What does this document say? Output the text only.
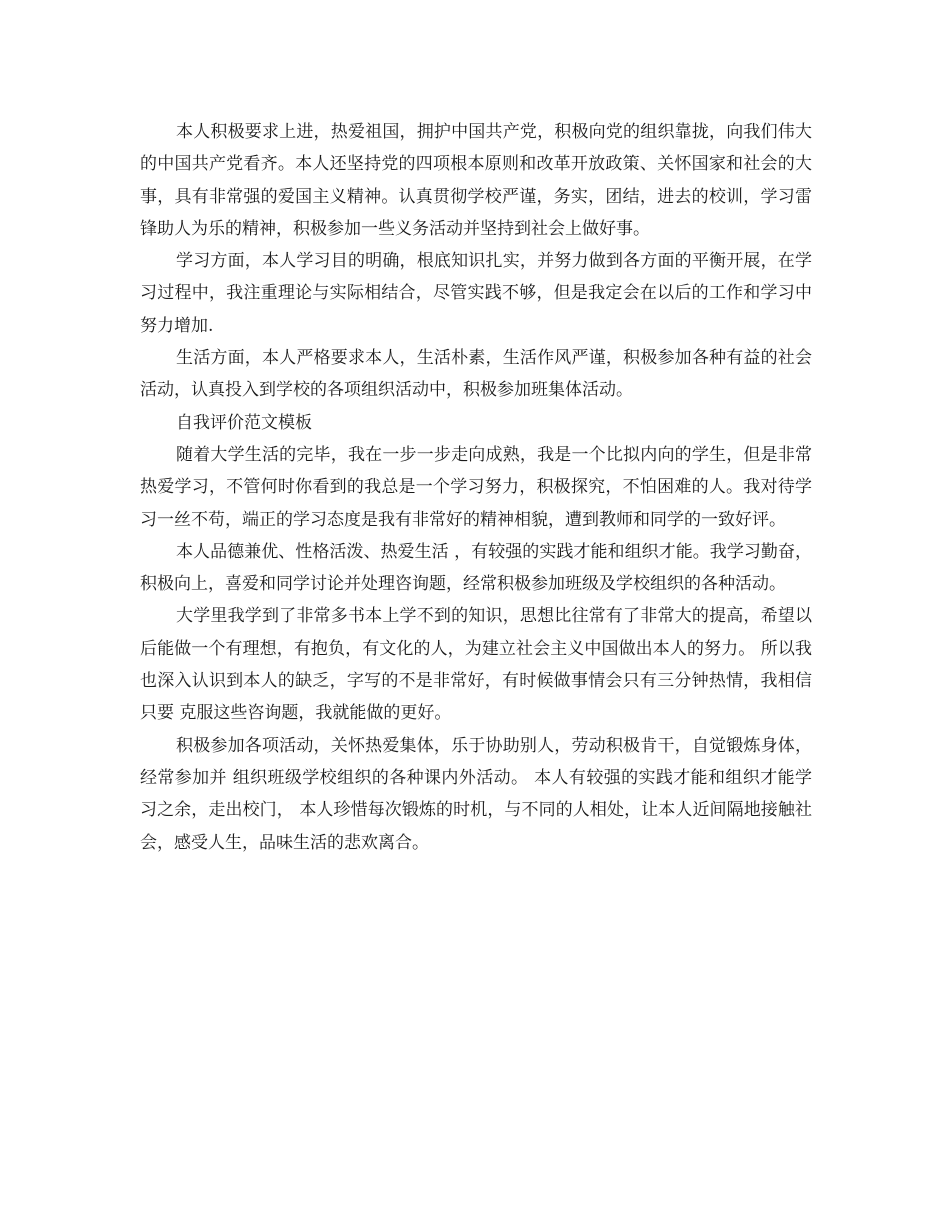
本人积极要求上进，热爱祖国，拥护中国共产党，积极向党的组织靠拢，向我们伟大的中国共产党看齐。本人还坚持党的四项根本原则和改革开放政策、关怀国家和社会的大事，具有非常强的爱国主义精神。认真贯彻学校严谨，务实，团结，进去的校训，学习雷锋助人为乐的精神，积极参加一些义务活动并坚持到社会上做好事。

学习方面，本人学习目的明确，根底知识扎实，并努力做到各方面的平衡开展，在学习过程中，我注重理论与实际相结合，尽管实践不够，但是我定会在以后的工作和学习中努力增加.

生活方面，本人严格要求本人，生活朴素，生活作风严谨，积极参加各种有益的社会活动，认真投入到学校的各项组织活动中，积极参加班集体活动。

自我评价范文模板

随着大学生活的完毕，我在一步一步走向成熟，我是一个比拟内向的学生，但是非常热爱学习，不管何时你看到的我总是一个学习努力，积极探究，不怕困难的人。我对待学习一丝不苟，端正的学习态度是我有非常好的精神相貌，遭到教师和同学的一致好评。

本人品德兼优、性格活泼、热爱生活 ，有较强的实践才能和组织才能。我学习勤奋，积极向上，喜爱和同学讨论并处理咨询题，经常积极参加班级及学校组织的各种活动。

大学里我学到了非常多书本上学不到的知识，思想比往常有了非常大的提高，希望以后能做一个有理想，有抱负，有文化的人，为建立社会主义中国做出本人的努力。 所以我也深入认识到本人的缺乏，字写的不是非常好，有时候做事情会只有三分钟热情，我相信只要 克服这些咨询题，我就能做的更好。

积极参加各项活动，关怀热爱集体，乐于协助别人，劳动积极肯干，自觉锻炼身体，经常参加并 组织班级学校组织的各种课内外活动。 本人有较强的实践才能和组织才能学习之余，走出校门， 本人珍惜每次锻炼的时机，与不同的人相处，让本人近间隔地接触社会，感受人生，品味生活的悲欢离合。
